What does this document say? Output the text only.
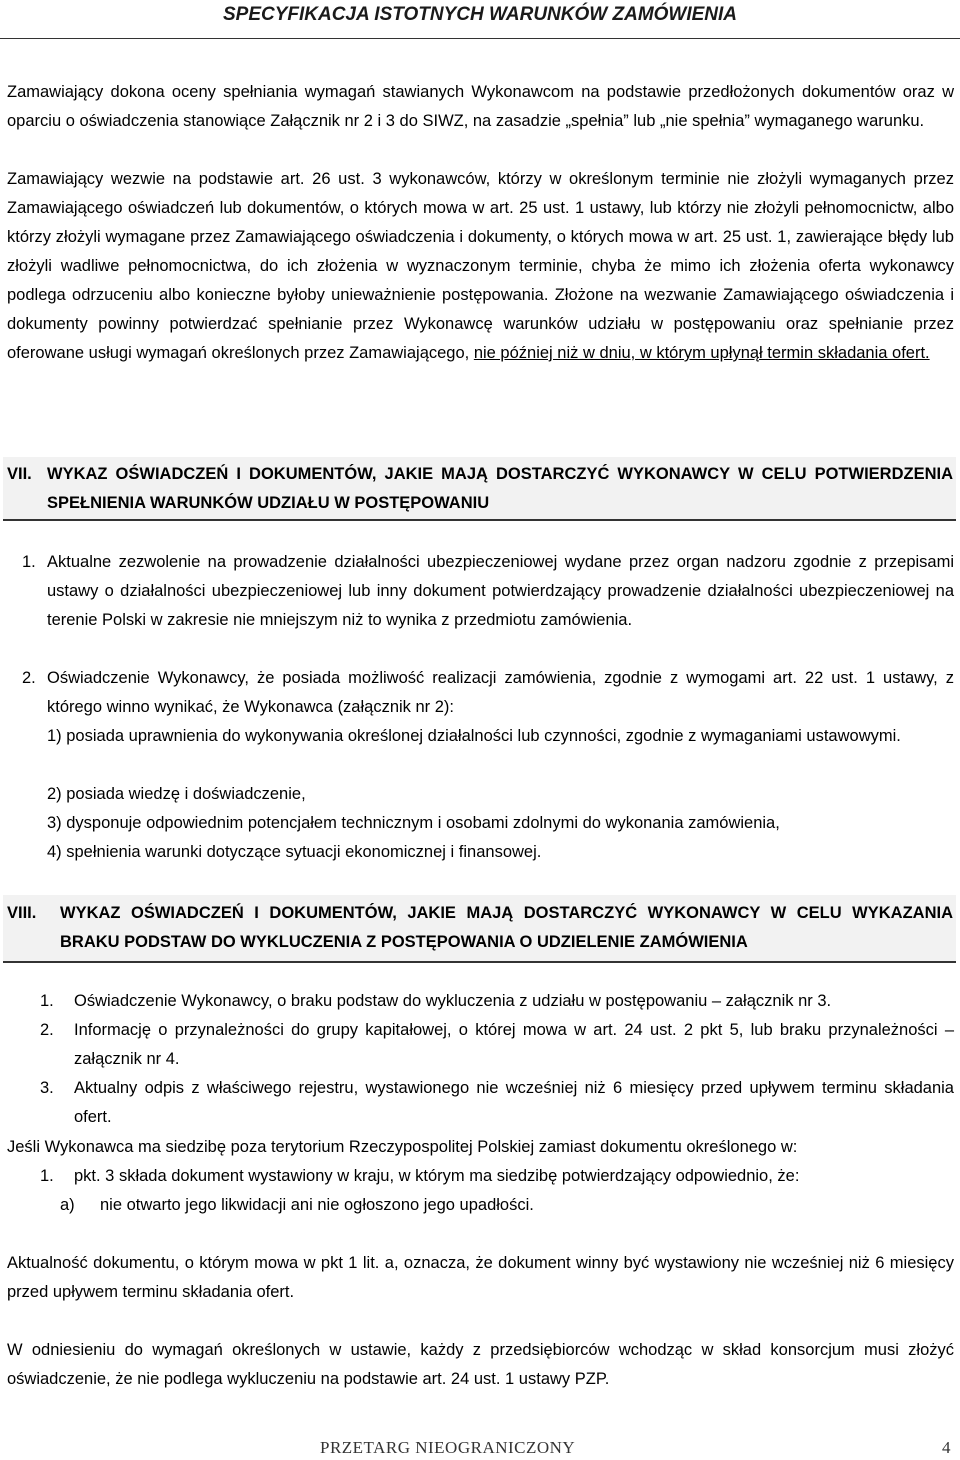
SPECYFIKACJA ISTOTNYCH WARUNKÓW ZAMÓWIENIA
Zamawiający dokona oceny spełniania wymagań stawianych Wykonawcom na podstawie przedłożonych dokumentów oraz w oparciu o oświadczenia stanowiące Załącznik nr 2 i 3 do SIWZ, na zasadzie „spełnia” lub „nie spełnia” wymaganego warunku.
Zamawiający wezwie na podstawie art. 26 ust. 3 wykonawców, którzy w określonym terminie nie złożyli wymaganych przez Zamawiającego oświadczeń lub dokumentów, o których mowa w art. 25 ust. 1 ustawy, lub którzy nie złożyli pełnomocnictw, albo którzy złożyli wymagane przez Zamawiającego oświadczenia i dokumenty, o których mowa w art. 25 ust. 1, zawierające błędy lub złożyli wadliwe pełnomocnictwa, do ich złożenia w wyznaczonym terminie, chyba że mimo ich złożenia oferta wykonawcy podlega odrzuceniu albo konieczne byłoby unieważnienie postępowania. Złożone na wezwanie Zamawiającego oświadczenia i dokumenty powinny potwierdzać spełnianie przez Wykonawcę warunków udziału w postępowaniu oraz spełnianie przez oferowane usługi wymagań określonych przez Zamawiającego, nie później niż w dniu, w którym upłynął termin składania ofert.
VII. WYKAZ OŚWIADCZEŃ I DOKUMENTÓW, JAKIE MAJĄ DOSTARCZYĆ WYKONAWCY W CELU POTWIERDZENIA SPEŁNIENIA WARUNKÓW UDZIAŁU W POSTĘPOWANIU
1. Aktualne zezwolenie na prowadzenie działalności ubezpieczeniowej wydane przez organ nadzoru zgodnie z przepisami ustawy o działalności ubezpieczeniowej lub inny dokument potwierdzający prowadzenie działalności ubezpieczeniowej na terenie Polski w zakresie nie mniejszym niż to wynika z przedmiotu zamówienia.
2. Oświadczenie Wykonawcy, że posiada możliwość realizacji zamówienia, zgodnie z wymogami art. 22 ust. 1 ustawy, z którego winno wynikać, że Wykonawca (załącznik nr 2):
1) posiada uprawnienia do wykonywania określonej działalności lub czynności, zgodnie z wymaganiami ustawowymi.
2) posiada wiedzę i doświadczenie,
3) dysponuje odpowiednim potencjałem technicznym i osobami zdolnymi do wykonania zamówienia,
4) spełnienia warunki dotyczące sytuacji ekonomicznej i finansowej.
VIII. WYKAZ OŚWIADCZEŃ I DOKUMENTÓW, JAKIE MAJĄ DOSTARCZYĆ WYKONAWCY W CELU WYKAZANIA BRAKU PODSTAW DO WYKLUCZENIA Z POSTĘPOWANIA O UDZIELENIE ZAMÓWIENIA
1. Oświadczenie Wykonawcy, o braku podstaw do wykluczenia z udziału w postępowaniu – załącznik nr 3.
2. Informację o przynależności do grupy kapitałowej, o której mowa w art. 24 ust. 2 pkt 5, lub braku przynależności – załącznik nr 4.
3. Aktualny odpis z właściwego rejestru, wystawionego nie wcześniej niż 6 miesięcy przed upływem terminu składania ofert.
Jeśli Wykonawca ma siedzibę poza terytorium Rzeczypospolitej Polskiej zamiast dokumentu określonego w:
1. pkt. 3 składa dokument wystawiony w kraju, w którym ma siedzibę potwierdzający odpowiednio, że:
a) nie otwarto jego likwidacji ani nie ogłoszono jego upadłości.
Aktualność dokumentu, o którym mowa w pkt 1 lit. a, oznacza, że dokument winny być wystawiony nie wcześniej niż 6 miesięcy przed upływem terminu składania ofert.
W odniesieniu do wymagań określonych w ustawie, każdy z przedsiębiorców wchodząc w skład konsorcjum musi złożyć oświadczenie, że nie podlega wykluczeniu na podstawie art. 24 ust. 1 ustawy PZP.
PRZETARG NIEOGRANICZONY	4
